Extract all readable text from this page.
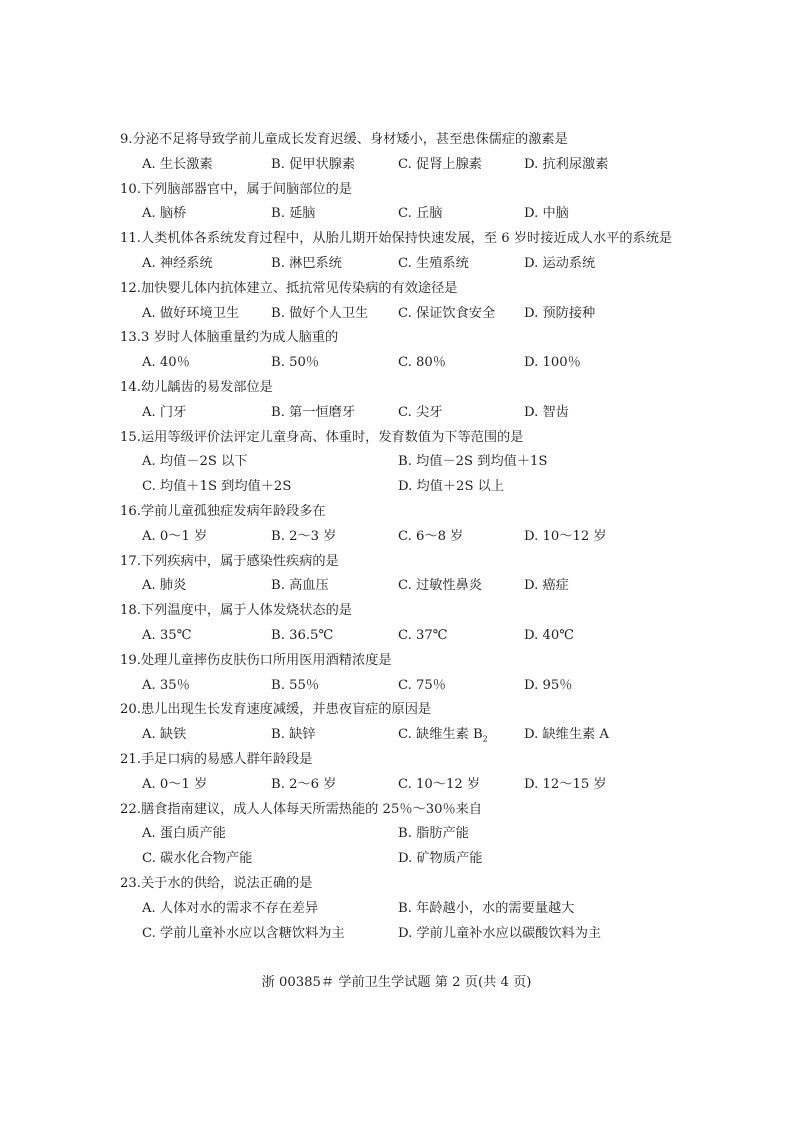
9.分泌不足将导致学前儿童成长发育迟缓、身材矮小，甚至患侏儒症的激素是
A. 生长激素	B. 促甲状腺素	C. 促肾上腺素	D. 抗利尿激素
10.下列脑部器官中，属于间脑部位的是
A. 脑桥	B. 延脑	C. 丘脑	D. 中脑
11.人类机体各系统发育过程中，从胎儿期开始保持快速发展，至 6 岁时接近成人水平的系统是
A. 神经系统	B. 淋巴系统	C. 生殖系统	D. 运动系统
12.加快婴儿体内抗体建立、抵抗常见传染病的有效途径是
A. 做好环境卫生 B. 做好个人卫生 C. 保证饮食安全 D. 预防接种
13.3 岁时人体脑重量约为成人脑重的
A. 40％	B. 50％	C. 80％	D. 100％
14.幼儿龋齿的易发部位是
A. 门牙	B. 第一恒磨牙	C. 尖牙	D. 智齿
15.运用等级评价法评定儿童身高、体重时，发育数值为下等范围的是
A. 均值－2S 以下	B. 均值－2S 到均值＋1S
C. 均值＋1S 到均值＋2S	D. 均值＋2S 以上
16.学前儿童孤独症发病年龄段多在
A. 0～1 岁	B. 2～3 岁	C. 6～8 岁	D. 10～12 岁
17.下列疾病中，属于感染性疾病的是
A. 肺炎	B. 高血压	C. 过敏性鼻炎	D. 癌症
18.下列温度中，属于人体发烧状态的是
A. 35℃	B. 36.5℃	C. 37℃	D. 40℃
19.处理儿童摔伤皮肤伤口所用医用酒精浓度是
A. 35％	B. 55％	C. 75％	D. 95％
20.患儿出现生长发育速度减缓，并患夜盲症的原因是
A. 缺铁	B. 缺锌	C. 缺维生素 $B_2$	D. 缺维生素 A
21.手足口病的易感人群年龄段是
A. 0～1 岁	B. 2～6 岁	C. 10～12 岁	D. 12～15 岁
22.膳食指南建议，成人人体每天所需热能的 25％～30％来自
A. 蛋白质产能	B. 脂肪产能
C. 碳水化合物产能	D. 矿物质产能
23.关于水的供给，说法正确的是
A. 人体对水的需求不存在差异	B. 年龄越小，水的需要量越大
C. 学前儿童补水应以含糖饮料为主	D. 学前儿童补水应以碳酸饮料为主
浙 00385＃ 学前卫生学试题 第 2 页(共 4 页)
